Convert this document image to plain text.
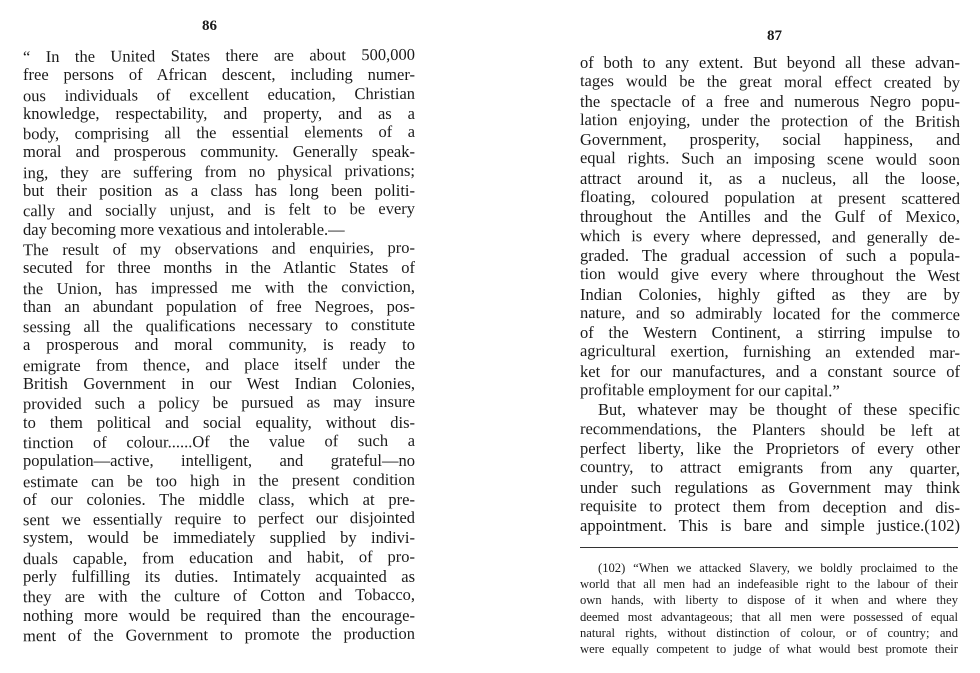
86
“ In the United States there are about 500,000
free persons of African descent, including numer-
ous individuals of excellent education, Christian
knowledge, respectability, and property, and as a
body, comprising all the essential elements of a
moral and prosperous community. Generally speak-
ing, they are suffering from no physical privations;
but their position as a class has long been politi-
cally and socially unjust, and is felt to be every
day becoming more vexatious and intolerable.—
The result of my observations and enquiries, pro-
secuted for three months in the Atlantic States of
the Union, has impressed me with the conviction,
than an abundant population of free Negroes, pos-
sessing all the qualifications necessary to constitute
a prosperous and moral community, is ready to
emigrate from thence, and place itself under the
British Government in our West Indian Colonies,
provided such a policy be pursued as may insure
to them political and social equality, without dis-
tinction of colour......Of the value of such a
population—active, intelligent, and grateful—no
estimate can be too high in the present condition
of our colonies. The middle class, which at pre-
sent we essentially require to perfect our disjointed
system, would be immediately supplied by indivi-
duals capable, from education and habit, of pro-
perly fulfilling its duties. Intimately acquainted as
they are with the culture of Cotton and Tobacco,
nothing more would be required than the encourage-
ment of the Government to promote the production
87
of both to any extent. But beyond all these advan-
tages would be the great moral effect created by
the spectacle of a free and numerous Negro popu-
lation enjoying, under the protection of the British
Government, prosperity, social happiness, and
equal rights. Such an imposing scene would soon
attract around it, as a nucleus, all the loose,
floating, coloured population at present scattered
throughout the Antilles and the Gulf of Mexico,
which is every where depressed, and generally de-
graded. The gradual accession of such a popula-
tion would give every where throughout the West
Indian Colonies, highly gifted as they are by
nature, and so admirably located for the commerce
of the Western Continent, a stirring impulse to
agricultural exertion, furnishing an extended mar-
ket for our manufactures, and a constant source of
profitable employment for our capital.”
But, whatever may be thought of these specific
recommendations, the Planters should be left at
perfect liberty, like the Proprietors of every other
country, to attract emigrants from any quarter,
under such regulations as Government may think
requisite to protect them from deception and dis-
appointment. This is bare and simple justice.(102)
(102) “When we attacked Slavery, we boldly proclaimed to the
world that all men had an indefeasible right to the labour of their
own hands, with liberty to dispose of it when and where they
deemed most advantageous; that all men were possessed of equal
natural rights, without distinction of colour, or of country; and
were equally competent to judge of what would best promote their
